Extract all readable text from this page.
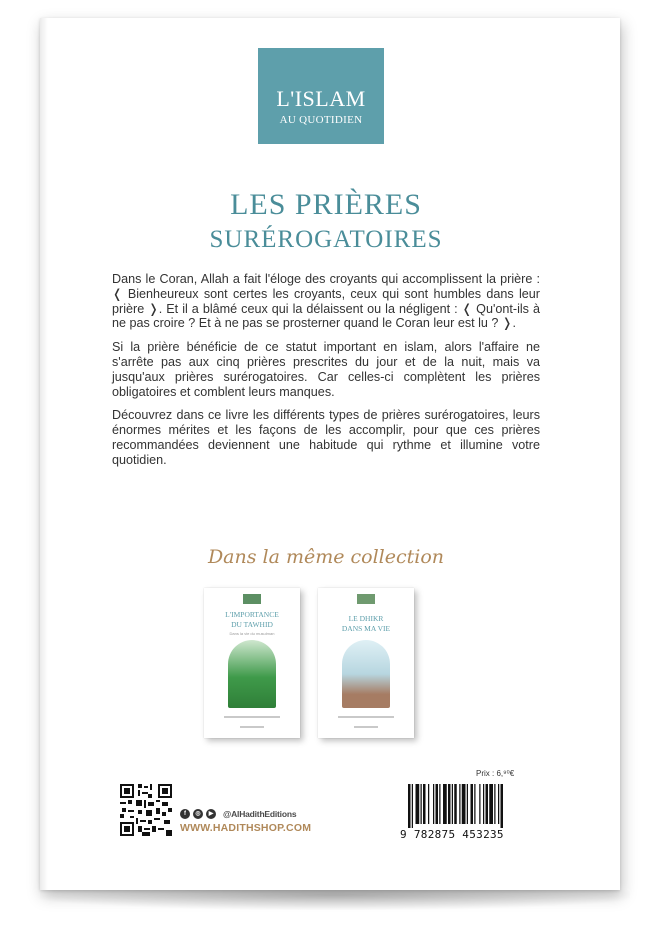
L'ISLAM
AU QUOTIDIEN
LES PRIÈRES
SURÉROGATOIRES

Dans le Coran, Allah a fait l'éloge des croyants qui accomplissent la prière : ❬ Bienheureux sont certes les croyants, ceux qui sont humbles dans leur prière ❭. Et il a blâmé ceux qui la délaissent ou la négligent : ❬ Qu'ont-ils à ne pas croire ? Et à ne pas se prosterner quand le Coran leur est lu ? ❭.

Si la prière bénéficie de ce statut important en islam, alors l'affaire ne s'arrête pas aux cinq prières prescrites du jour et de la nuit, mais va jusqu'aux prières surérogatoires. Car celles-ci complètent les prières obligatoires et comblent leurs manques.

Découvrez dans ce livre les différents types de prières surérogatoires, leurs énormes mérites et les façons de les accomplir, pour que ces prières recommandées deviennent une habitude qui rythme et illumine votre quotidien.

Dans la même collection
L'IMPORTANCE
DU TAWHID
Dans la vie du musulman
LE DHIKR
DANS MA VIE
f	◎	▶	@AlHadithEditions
WWW.HADITHSHOP.COM
Prix : 6,⁹⁰€
9 782875 453235
